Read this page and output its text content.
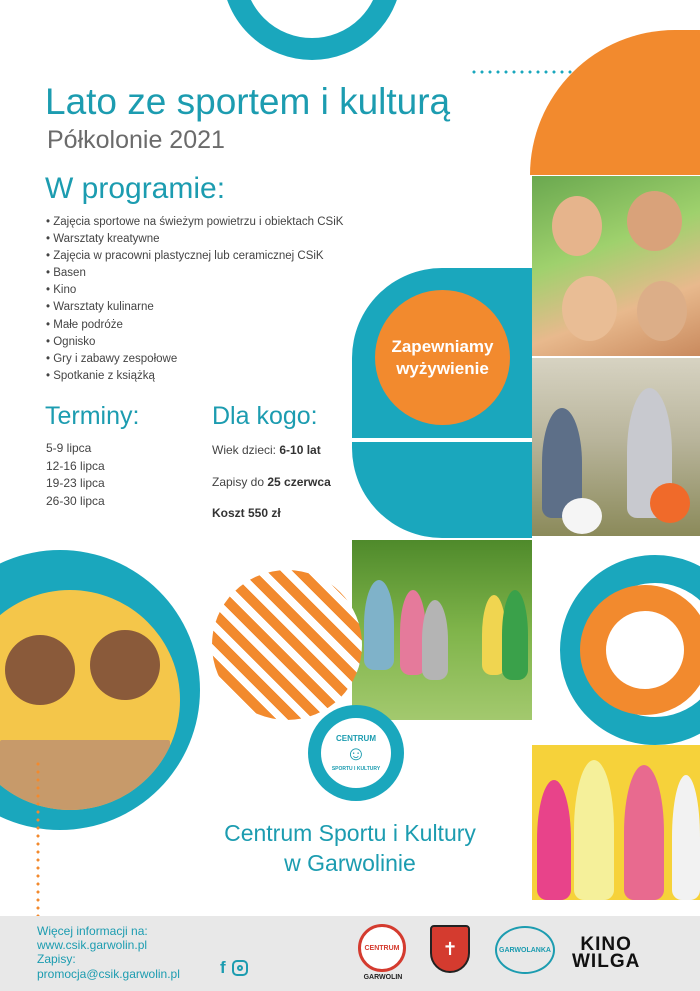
Zapewniamy
wyżywienie
CENTRUM
☺
SPORTU I KULTURY
Lato ze sportem i kulturą
Półkolonie 2021
W programie:
• Zajęcia sportowe na świeżym powietrzu i obiektach CSiK
• Warsztaty kreatywne
• Zajęcia w pracowni plastycznej lub ceramicznej CSiK
• Basen
• Kino
• Warsztaty kulinarne
• Małe podróże
• Ognisko
• Gry i zabawy zespołowe
• Spotkanie z książką
Terminy:
5-9 lipca
12-16 lipca
19-23 lipca
26-30 lipca
Dla kogo:
Wiek dzieci: 6-10 lat
Zapisy do 25 czerwca
Koszt 550 zł
Centrum Sportu i Kultury
w Garwolinie
Więcej informacji na:
www.csik.garwolin.pl
Zapisy:
promocja@csik.garwolin.pl f
CENTRUM
GARWOLIN
✝	GARWOLANKA	KINO
WILGA
